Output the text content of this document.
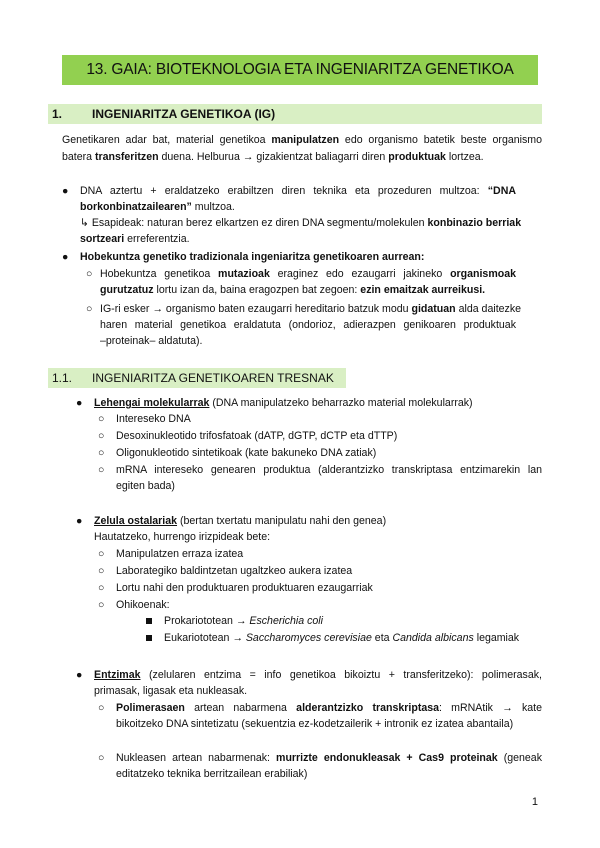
13. GAIA: BIOTEKNOLOGIA ETA INGENIARITZA GENETIKOA
1.	INGENIARITZA GENETIKOA (IG)
Genetikaren adar bat, material genetikoa manipulatzen edo organismo batetik beste organismo
batera transferitzen duena. Helburua → gizakientzat baliagarri diren produktuak lortzea.
● DNA aztertu + eraldatzeko erabiltzen diren teknika eta prozeduren multzoa: “DNA
borkonbinatzailearen” multzoa.
↳ Esapideak: naturan berez elkartzen ez diren DNA segmentu/molekulen konbinazio berriak
sortzeari erreferentzia.
● Hobekuntza genetiko tradizionala ingeniaritza genetikoaren aurrean:
○ Hobekuntza genetikoa mutazioak eraginez edo ezaugarri jakineko organismoak
gurutzatuz lortu izan da, baina eragozpen bat zegoen: ezin emaitzak aurreikusi.
○ IG-ri esker → organismo baten ezaugarri hereditario batzuk modu gidatuan alda daitezke
haren material genetikoa eraldatuta (ondorioz, adierazpen genikoaren produktuak
–proteinak– aldatuta).
1.1.	INGENIARITZA GENETIKOAREN TRESNAK
● Lehengai molekularrak (DNA manipulatzeko beharrazko material molekularrak)
○ Intereseko DNA
○ Desoxinukleotido trifosfatoak (dATP, dGTP, dCTP eta dTTP)
○ Oligonukleotido sintetikoak (kate bakuneko DNA zatiak)
○ mRNA intereseko genearen produktua (alderantzizko transkriptasa entzimarekin lan
egiten bada)
● Zelula ostalariak (bertan txertatu manipulatu nahi den genea)
Hautatzeko, hurrengo irizpideak bete:
○ Manipulatzen erraza izatea
○ Laborategiko baldintzetan ugaltzkeo aukera izatea
○ Lortu nahi den produktuaren produktuaren ezaugarriak
○ Ohikoenak:
Prokariototean → Escherichia coli
Eukariototean → Saccharomyces cerevisiae eta Candida albicans legamiak
● Entzimak (zelularen entzima = info genetikoa bikoiztu + transferitzeko): polimerasak,
primasak, ligasak eta nukleasak.
○ Polimerasaen artean nabarmena alderantzizko transkriptasa: mRNAtik → kate
bikoitzeko DNA sintetizatu (sekuentzia ez-kodetzailerik + intronik ez izatea abantaila)
○ Nukleasen artean nabarmenak: murrizte endonukleasak + Cas9 proteinak (geneak
editatzeko teknika berritzailean erabiliak)
1
